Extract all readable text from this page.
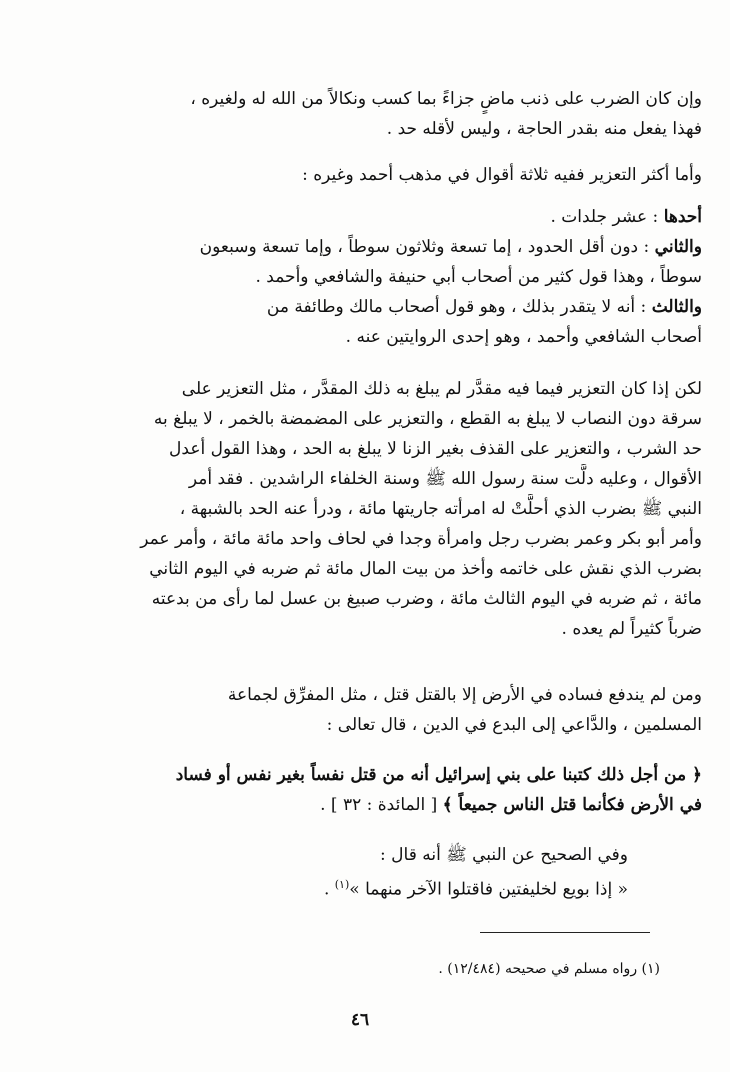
وإن كان الضرب على ذنب ماضٍ جزاءً بما كسب ونكالاً من الله له ولغيره ،
فهذا يفعل منه بقدر الحاجة ، وليس لأقله حد .
وأما أكثر التعزير ففيه ثلاثة أقوال في مذهب أحمد وغيره :
أحدها : عشر جلدات .
والثاني : دون أقل الحدود ، إما تسعة وثلاثون سوطاً ، وإما تسعة وسبعون
سوطاً ، وهذا قول كثير من أصحاب أبي حنيفة والشافعي وأحمد .
والثالث : أنه لا يتقدر بذلك ، وهو قول أصحاب مالك وطائفة من
أصحاب الشافعي وأحمد ، وهو إحدى الروايتين عنه .
لكن إذا كان التعزير فيما فيه مقدَّر لم يبلغ به ذلك المقدَّر ، مثل التعزير على
سرقة دون النصاب لا يبلغ به القطع ، والتعزير على المضمضة بالخمر ، لا يبلغ به
حد الشرب ، والتعزير على القذف بغير الزنا لا يبلغ به الحد ، وهذا القول أعدل
الأقوال ، وعليه دلَّت سنة رسول الله ﷺ وسنة الخلفاء الراشدين . فقد أمر
النبي ﷺ بضرب الذي أحلَّتْ له امرأته جاريتها مائة ، ودرأ عنه الحد بالشبهة ،
وأمر أبو بكر وعمر بضرب رجل وامرأة وجدا في لحاف واحد مائة مائة ، وأمر عمر
بضرب الذي نقش على خاتمه وأخذ من بيت المال مائة ثم ضربه في اليوم الثاني
مائة ، ثم ضربه في اليوم الثالث مائة ، وضرب صبيغ بن عسل لما رأى من بدعته
ضرباً كثيراً لم يعده .
ومن لم يندفع فساده في الأرض إلا بالقتل قتل ، مثل المفرِّق لجماعة
المسلمين ، والدَّاعي إلى البدع في الدين ، قال تعالى :
﴿ من أجل ذلك كتبنا على بني إسرائيل أنه من قتل نفساً بغير نفس أو فساد
في الأرض فكأنما قتل الناس جميعاً ﴾ [ المائدة : ٣٢ ] .
وفي الصحيح عن النبي ﷺ أنه قال :
« إذا بويع لخليفتين فاقتلوا الآخر منهما »$^{(١)}$ .
(١) رواه مسلم في صحيحه (١٢/٤٨٤) .
٤٦
